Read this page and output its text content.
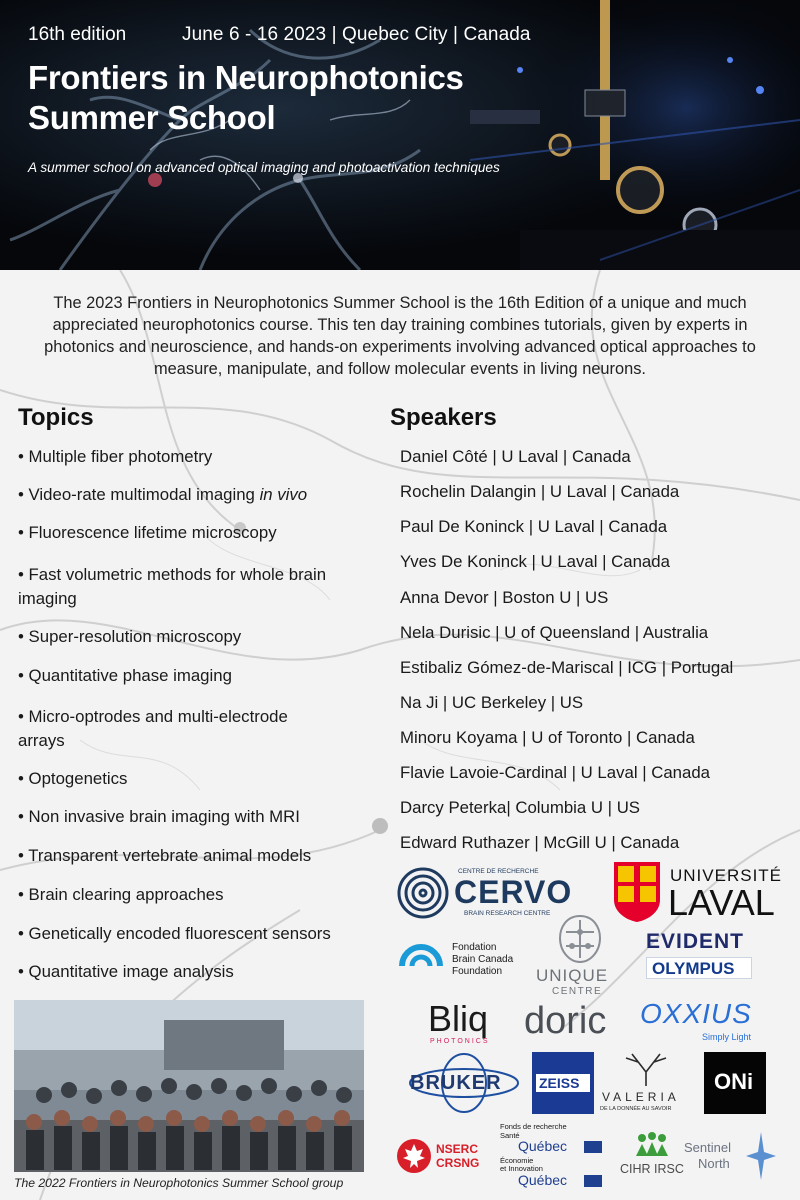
16th edition	June 6 - 16 2023 | Quebec City | Canada
Frontiers in Neurophotonics
Summer School
A summer school on advanced optical imaging and photoactivation techniques
The 2023 Frontiers in Neurophotonics Summer School is the 16th Edition of a unique and much appreciated neurophotonics course. This ten day training combines tutorials, given by experts in photonics and neuroscience, and hands-on experiments involving advanced optical approaches to measure, manipulate, and follow molecular events in living neurons.
Topics
• Multiple fiber photometry
• Video-rate multimodal imaging in vivo
• Fluorescence lifetime microscopy
• Fast volumetric methods for whole brain
imaging
• Super-resolution microscopy
• Quantitative phase imaging
• Micro-optrodes and multi-electrode
arrays
• Optogenetics
• Non invasive brain imaging with MRI
• Transparent vertebrate animal models
• Brain clearing approaches
• Genetically encoded fluorescent sensors
• Quantitative image analysis
Speakers
Daniel Côté | U Laval | Canada
Rochelin Dalangin | U Laval | Canada
Paul De Koninck | U Laval | Canada
Yves De Koninck | U Laval | Canada
Anna Devor | Boston U | US
Nela Durisic | U of Queensland | Australia
Estibaliz Gómez-de-Mariscal | ICG | Portugal
Na Ji | UC Berkeley | US
Minoru Koyama | U of Toronto | Canada
Flavie Lavoie-Cardinal | U Laval | Canada
Darcy Peterka| Columbia U | US
Edward Ruthazer | McGill U | Canada
The 2022 Frontiers in Neurophotonics Summer School group
CENTRE DE RECHERCHE
CERVO
BRAIN RESEARCH CENTRE
UNIVERSITÉ
LAVAL
Fondation
Brain Canada
Foundation UNIQUE
CENTRE
EVIDENT
OLYMPUS
Bliq
PHOTONICS doric OXXIUS
Simply Light
BRUKER	ZEISS
VALERIA
DE LA DONNÉE AU SAVOIR
ONi
NSERC
CRSNG
Fonds de recherche
Santé
Québec
Économie
et Innovation
Québec
CIHR IRSC
Sentinel
North
